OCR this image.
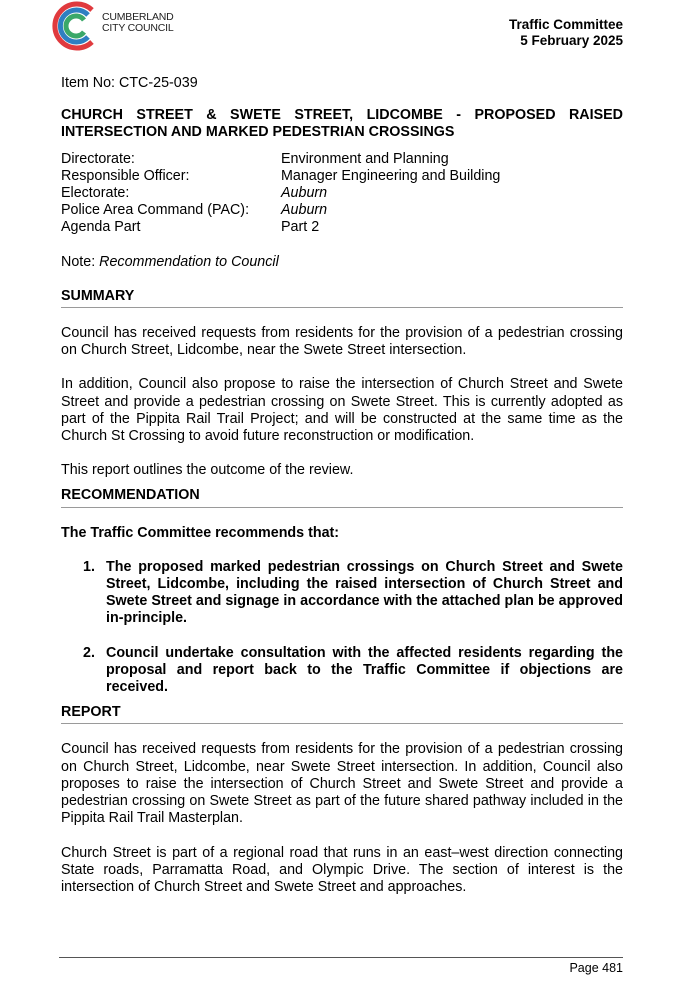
CUMBERLAND
CITY COUNCIL	Traffic Committee
5 February 2025
Item No: CTC-25-039
CHURCH STREET & SWETE STREET, LIDCOMBE - PROPOSED RAISED INTERSECTION AND MARKED PEDESTRIAN CROSSINGS
Directorate:	Environment and Planning
Responsible Officer:	Manager Engineering and Building
Electorate:	Auburn
Police Area Command (PAC):	Auburn
Agenda Part	Part 2
Note: Recommendation to Council
SUMMARY

Council has received requests from residents for the provision of a pedestrian crossing on Church Street, Lidcombe, near the Swete Street intersection.

In addition, Council also propose to raise the intersection of Church Street and Swete Street and provide a pedestrian crossing on Swete Street. This is currently adopted as part of the Pippita Rail Trail Project; and will be constructed at the same time as the Church St Crossing to avoid future reconstruction or modification.

This report outlines the outcome of the review.

RECOMMENDATION

The Traffic Committee recommends that:

1. The proposed marked pedestrian crossings on Church Street and Swete Street, Lidcombe, including the raised intersection of Church Street and Swete Street and signage in accordance with the attached plan be approved in-principle.
2. Council undertake consultation with the affected residents regarding the proposal and report back to the Traffic Committee if objections are received.
REPORT

Council has received requests from residents for the provision of a pedestrian crossing on Church Street, Lidcombe, near Swete Street intersection. In addition, Council also proposes to raise the intersection of Church Street and Swete Street and provide a pedestrian crossing on Swete Street as part of the future shared pathway included in the Pippita Rail Trail Masterplan.

Church Street is part of a regional road that runs in an east–west direction connecting State roads, Parramatta Road, and Olympic Drive. The section of interest is the intersection of Church Street and Swete Street and approaches.

Page 481
